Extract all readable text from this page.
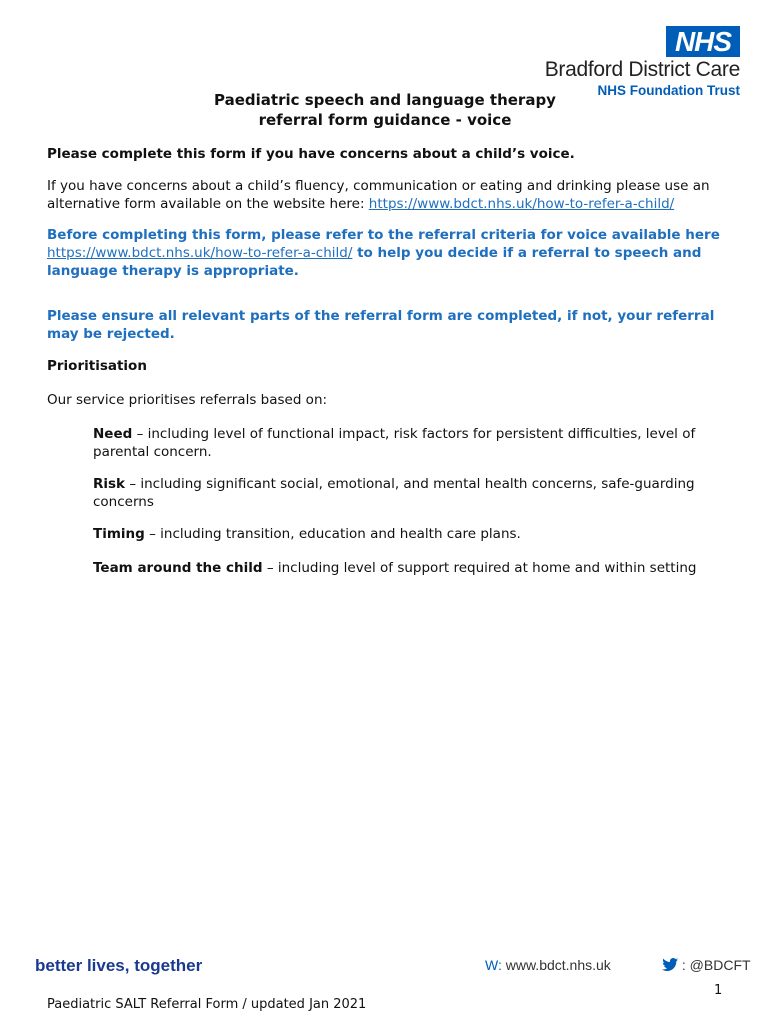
NHS
Bradford District Care
NHS Foundation Trust
Paediatric speech and language therapy
referral form guidance - voice
Please complete this form if you have concerns about a child’s voice.
If you have concerns about a child’s fluency, communication or eating and drinking please use an alternative form available on the website here: https://www.bdct.nhs.uk/how-to-refer-a-child/
Before completing this form, please refer to the referral criteria for voice available here https://www.bdct.nhs.uk/how-to-refer-a-child/ to help you decide if a referral to speech and language therapy is appropriate.
Please ensure all relevant parts of the referral form are completed, if not, your referral may be rejected.
Prioritisation
Our service prioritises referrals based on:
Need – including level of functional impact, risk factors for persistent difficulties, level of parental concern.
Risk – including significant social, emotional, and mental health concerns, safe-guarding concerns
Timing – including transition, education and health care plans.
Team around the child – including level of support required at home and within setting
better lives, together	W: www.bdct.nhs.uk	: @BDCFT
1
Paediatric SALT Referral Form / updated Jan 2021
